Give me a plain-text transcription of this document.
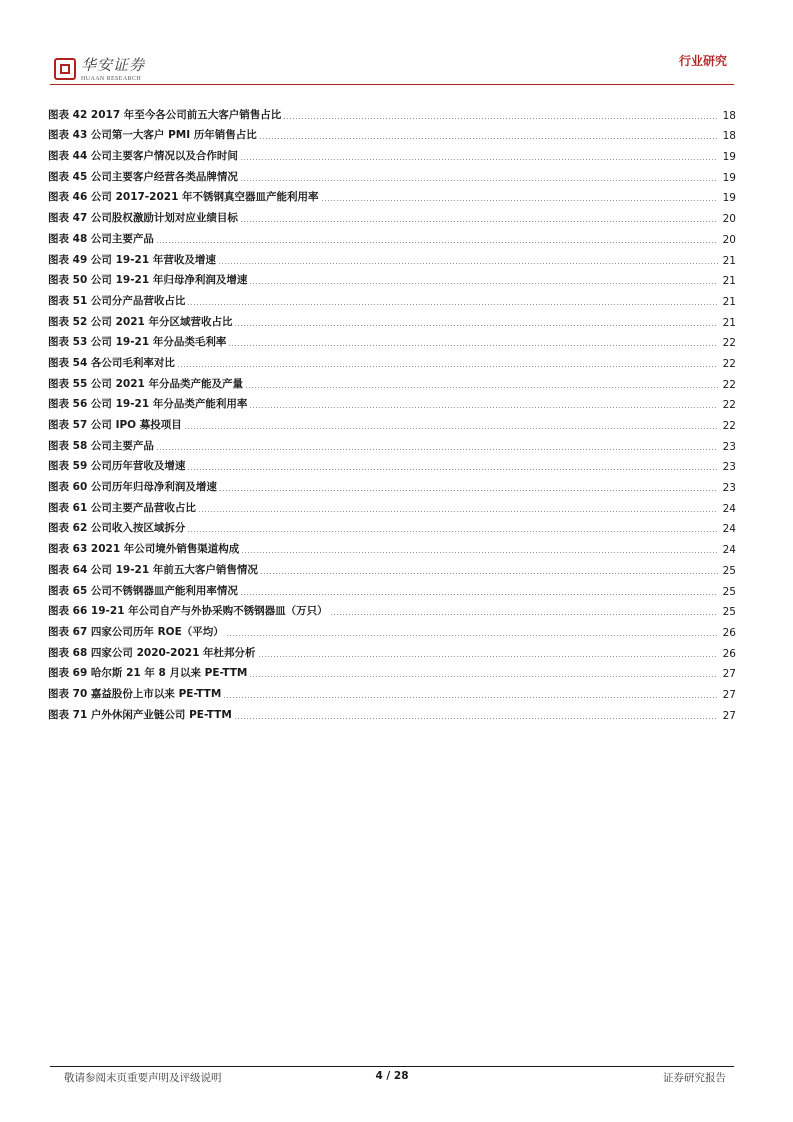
华安证券
HUAAN RESEARCH
行业研究
图表 42 2017 年至今各公司前五大客户销售占比	18
图表 43 公司第一大客户 PMI 历年销售占比	18
图表 44 公司主要客户情况以及合作时间	19
图表 45 公司主要客户经营各类品牌情况	19
图表 46 公司 2017-2021 年不锈钢真空器皿产能利用率	19
图表 47 公司股权激励计划对应业绩目标	20
图表 48 公司主要产品	20
图表 49 公司 19-21 年营收及增速	21
图表 50 公司 19-21 年归母净利润及增速	21
图表 51 公司分产品营收占比	21
图表 52 公司 2021 年分区域营收占比	21
图表 53 公司 19-21 年分品类毛利率	22
图表 54 各公司毛利率对比	22
图表 55 公司 2021 年分品类产能及产量	22
图表 56 公司 19-21 年分品类产能利用率	22
图表 57 公司 IPO 募投项目	22
图表 58 公司主要产品	23
图表 59 公司历年营收及增速	23
图表 60 公司历年归母净利润及增速	23
图表 61 公司主要产品营收占比	24
图表 62 公司收入按区域拆分	24
图表 63 2021 年公司境外销售渠道构成	24
图表 64 公司 19-21 年前五大客户销售情况	25
图表 65 公司不锈钢器皿产能利用率情况	25
图表 66 19-21 年公司自产与外协采购不锈钢器皿（万只）	25
图表 67 四家公司历年 ROE（平均）	26
图表 68 四家公司 2020-2021 年杜邦分析	26
图表 69 哈尔斯 21 年 8 月以来 PE-TTM	27
图表 70 嘉益股份上市以来 PE-TTM	27
图表 71 户外休闲产业链公司 PE-TTM	27
敬请参阅末页重要声明及评级说明	4 / 28	证券研究报告
